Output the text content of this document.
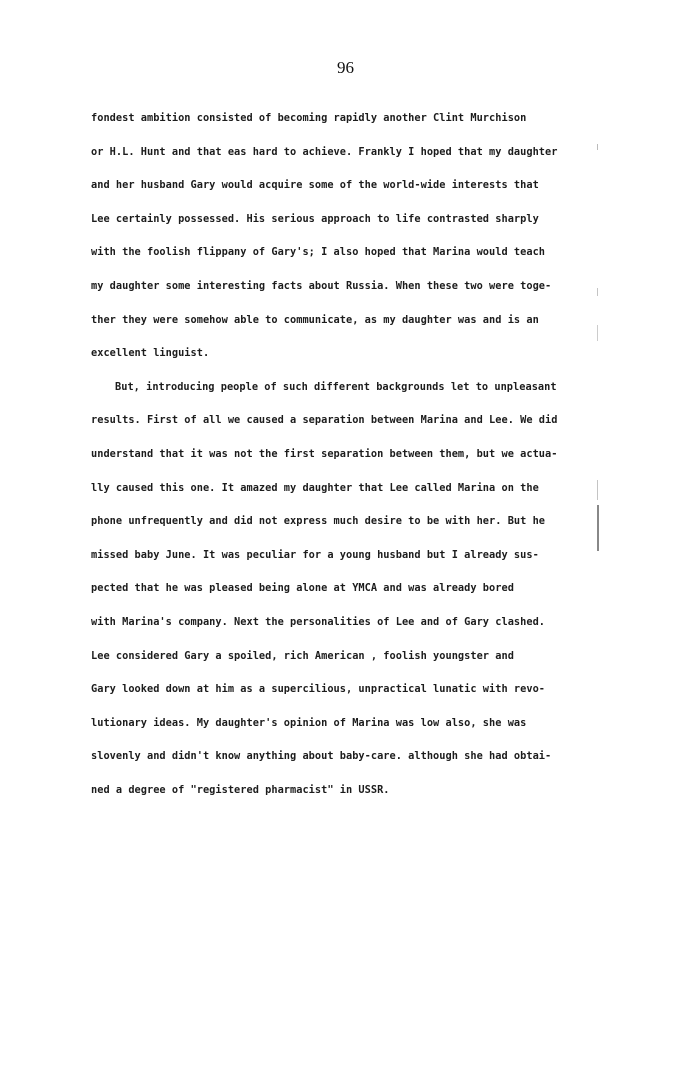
96
fondest ambition consisted of becoming rapidly another Clint Murchison
or H.L. Hunt and that eas hard to achieve. Frankly I hoped that my daughter
and her husband Gary would acquire some of the world-wide interests that
Lee certainly possessed. His serious approach to life contrasted sharply
with the foolish flippany of Gary's; I also hoped that Marina would teach
my daughter some interesting facts about Russia. When these two were toge-
ther they were somehow able to communicate, as my daughter was and is an
excellent linguist.
But, introducing people of such different backgrounds let to unpleasant
results. First of all we caused a separation between Marina and Lee. We did
understand that it was not the first separation between them, but we actua-
lly caused this one. It amazed my daughter that Lee called Marina on the
phone unfrequently and did not express much desire to be with her. But he
missed baby June. It was peculiar for a young husband but I already sus-
pected that he was pleased being alone at YMCA and was already bored
with Marina's company. Next the personalities of Lee and of Gary clashed.
Lee considered Gary a spoiled, rich American , foolish youngster and
Gary looked down at him as a supercilious, unpractical lunatic with revo-
lutionary ideas. My daughter's opinion of Marina was low also, she was
slovenly and didn't know anything about baby-care. although she had obtai-
ned a degree of "registered pharmacist" in USSR.
